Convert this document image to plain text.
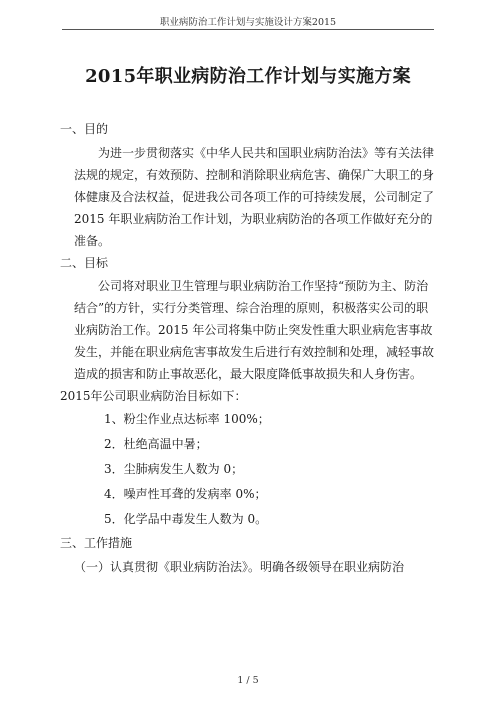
职业病防治工作计划与实施设计方案2015
2015年职业病防治工作计划与实施方案

一、目的

为进一步贯彻落实《中华人民共和国职业病防治法》等有关法律
法规的规定，有效预防、控制和消除职业病危害、确保广大职工的身
体健康及合法权益，促进我公司各项工作的可持续发展，公司制定了
2015 年职业病防治工作计划，为职业病防治的各项工作做好充分的
准备。

二、目标

公司将对职业卫生管理与职业病防治工作坚持“预防为主、防治
结合”的方针，实行分类管理、综合治理的原则，积极落实公司的职
业病防治工作。2015 年公司将集中防止突发性重大职业病危害事故
发生，并能在职业病危害事故发生后进行有效控制和处理，减轻事故
造成的损害和防止事故恶化，最大限度降低事故损失和人身伤害。
2015年公司职业病防治目标如下：

1、粉尘作业点达标率 100%；

2．杜绝高温中暑；

3．尘肺病发生人数为 0；

4．噪声性耳聋的发病率 0%；

5．化学品中毒发生人数为 0。

三、工作措施

（一）认真贯彻《职业病防治法》。明确各级领导在职业病防治

1 / 5
